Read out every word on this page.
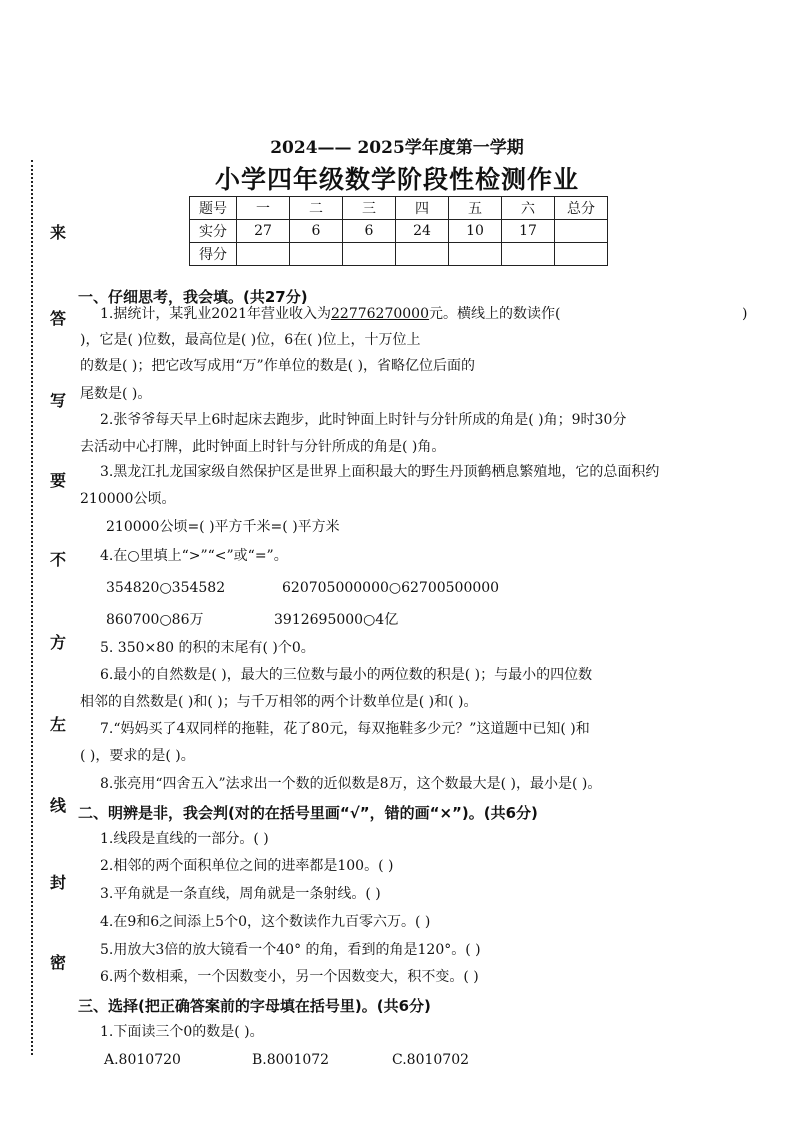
来
答
写
要
不
方
左
线
封
密
2024—— 2025学年度第一学期
小学四年级数学阶段性检测作业
题号	一	二	三	四	五	六	总分
实分	27	6	6	24	10	17	
得分							
一、仔细思考，我会填。(共27分)
1.据统计，某乳业2021年营业收入为22776270000元。横线上的数读作(	)
)，它是( )位数，最高位是( )位，6在( )位上，十万位上
的数是( )；把它改写成用“万”作单位的数是( )，省略亿位后面的
尾数是( )。
2.张爷爷每天早上6时起床去跑步，此时钟面上时针与分针所成的角是( )角；9时30分
去活动中心打牌，此时钟面上时针与分针所成的角是( )角。
3.黑龙江扎龙国家级自然保护区是世界上面积最大的野生丹顶鹤栖息繁殖地，它的总面积约
210000公顷。
210000公顷=( )平方千米=( )平方米
4.在○里填上“>”“<”或“=”。
354820○354582	620705000000○62700500000
860700○86万	3912695000○4亿
5. 350×80 的积的末尾有( )个0。
6.最小的自然数是( )，最大的三位数与最小的两位数的积是( )；与最小的四位数
相邻的自然数是( )和( )；与千万相邻的两个计数单位是( )和( )。
7.“妈妈买了4双同样的拖鞋，花了80元，每双拖鞋多少元？”这道题中已知( )和
( )，要求的是( )。
8.张亮用“四舍五入”法求出一个数的近似数是8万，这个数最大是( )，最小是( )。
二、明辨是非，我会判(对的在括号里画“√”，错的画“×”)。(共6分)
1.线段是直线的一部分。( )
2.相邻的两个面积单位之间的进率都是100。( )
3.平角就是一条直线，周角就是一条射线。( )
4.在9和6之间添上5个0，这个数读作九百零六万。( )
5.用放大3倍的放大镜看一个40° 的角，看到的角是120°。( )
6.两个数相乘，一个因数变小，另一个因数变大，积不变。( )
三、选择(把正确答案前的字母填在括号里)。(共6分)
1.下面读三个0的数是( )。
A.8010720	B.8001072	C.8010702
